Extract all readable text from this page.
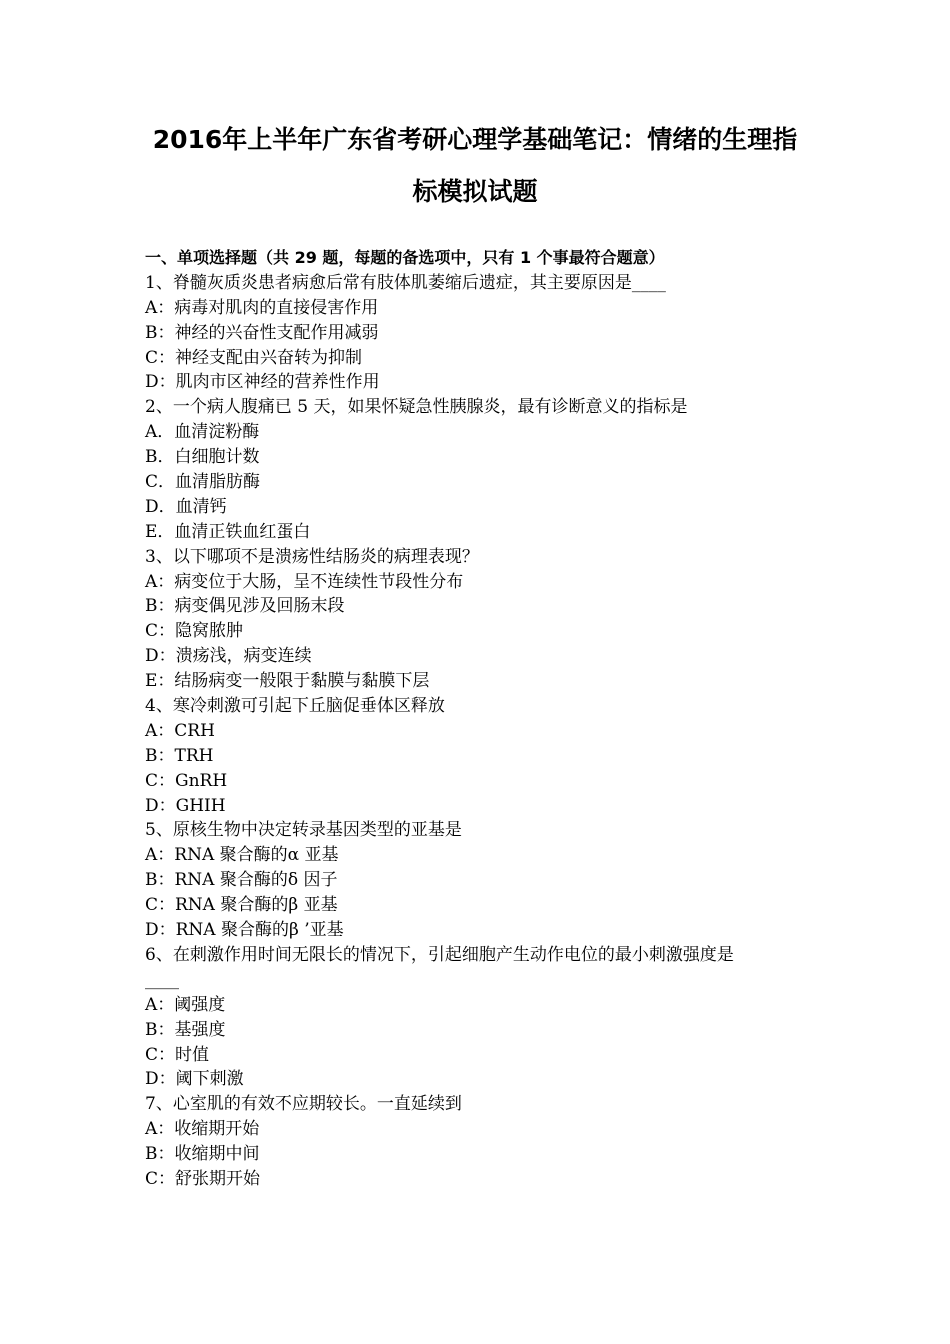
2016年上半年广东省考研心理学基础笔记：情绪的生理指
标模拟试题
一、单项选择题（共 29 题，每题的备选项中，只有 1 个事最符合题意）
1、脊髓灰质炎患者病愈后常有肢体肌萎缩后遗症，其主要原因是____
A：病毒对肌肉的直接侵害作用
B：神经的兴奋性支配作用减弱
C：神经支配由兴奋转为抑制
D：肌肉市区神经的营养性作用
2、一个病人腹痛已 5 天，如果怀疑急性胰腺炎，最有诊断意义的指标是
A．血清淀粉酶
B．白细胞计数
C．血清脂肪酶
D．血清钙
E．血清正铁血红蛋白
3、以下哪项不是溃疡性结肠炎的病理表现？
A：病变位于大肠，呈不连续性节段性分布
B：病变偶见涉及回肠末段
C：隐窝脓肿
D：溃疡浅，病变连续
E：结肠病变一般限于黏膜与黏膜下层
4、寒冷刺激可引起下丘脑促垂体区释放
A：CRH
B：TRH
C：GnRH
D：GHIH
5、原核生物中决定转录基因类型的亚基是
A：RNA 聚合酶的α 亚基
B：RNA 聚合酶的δ 因子
C：RNA 聚合酶的β 亚基
D：RNA 聚合酶的β ’亚基
6、在刺激作用时间无限长的情况下，引起细胞产生动作电位的最小刺激强度是
____
A：阈强度
B：基强度
C：时值
D：阈下刺激
7、心室肌的有效不应期较长。一直延续到
A：收缩期开始
B：收缩期中间
C：舒张期开始
